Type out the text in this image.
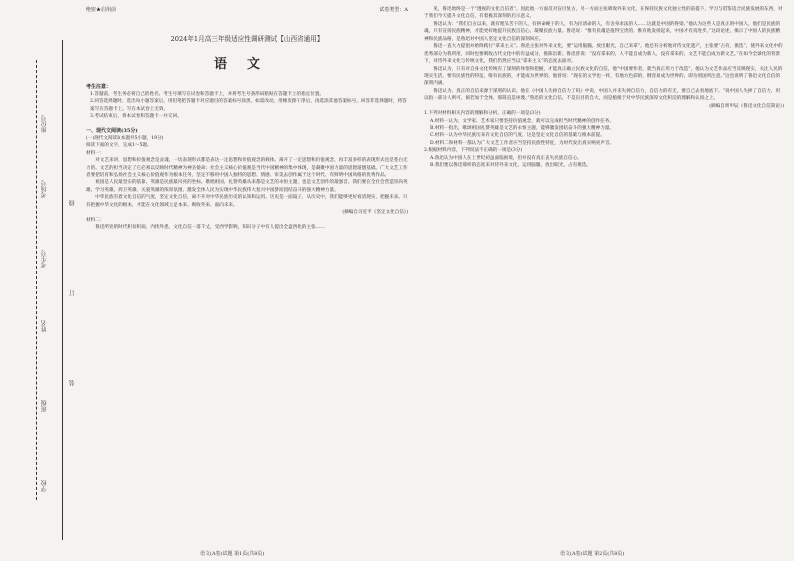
学校
班级
姓名
考生号
考场号
座位号
线
订
装
绝密★启用前	试卷类型：A
2024年1月高三年级适应性调研测试【山西省通用】
语文
考生注意：

1.答题前，考生务必将自己的姓名、考生号填写在试卷和答题卡上，并将考生号条形码粘贴在答题卡上的指定位置。

2.回答选择题时，选出每小题答案后，用铅笔把答题卡对应题目的答案标号涂黑。如需改动，用橡皮擦干净后，再选涂其他答案标号。回答非选择题时，将答案写在答题卡上。写在本试卷上无效。

3.考试结束后，将本试卷和答题卡一并交回。

一、现代文阅读(35分)

(一)现代文阅读Ⅰ(本题共5小题，19分)

阅读下面的文字，完成1～5题。

材料一：

对文艺来讲，思想和价值观念是灵魂，一切表现形式都是表达一定思想和价值观念的载体。离开了一定思想和价值观念，再丰富多样的表现形式也是苍白无力的。文艺的担当决定了它必须以反映时代精神为神圣使命；社会主义核心价值观是当代中国精神的集中体现，是凝聚中国力量的思想道德基础。广大文艺工作者要把培育和弘扬社会主义核心价值观作为根本任务，坚定不移用中国人独特的思想、情感、审美去创作属于这个时代、有鲜明中国风格的优秀作品。

祖国是人民最坚实的依靠，英雄是民族最闪亮的坐标。歌唱祖国、礼赞英雄从来都是文艺的永恒主题，也是文艺创作的最强音。我们要在全社会营造崇尚英雄、学习英雄、捍卫英雄、关爱英雄的浓厚氛围，激发全体人民为实现中华民族伟大复兴中国梦而团结奋斗的强大精神力量。

中华民族有着文化自信的气度，坚定文化自信，离不开对中华民族历史的认知和运用。历史是一面镜子，从历史中，我们能够更好看清现实、把握未来。只有把握中华文化的根本，才能在文化领域立足本来、吸收外来、面向未来。

(摘编自习近平《坚定文化自信》)

材料二：

鲁迅所处的时代积贫积弱，内忧外患，文化自信一落千丈，受西学影响，知识分子中有人提出全盘西化的主张……

语文(A卷)试题 第1页(共8页)

见，鲁迅始终是一个“透视的文化自信者”。因此他一方面反对盲目复古，另一方面主张吸收外来文化，在保持民族文化独立性的前提下，学习与借鉴适合民族发展的东西，对于我们今天提升文化自信，有着极其深刻的启示意义。

鲁迅认为：“我们自古以来，就有埋头苦干的人，有拼命硬干的人，有为民请命的人，有舍身求法的人……这就是中国的脊梁。”他认为这些人是真正的中国人，他们是民族的魂，只有宣扬民族精神，才能更好地提升民族自信心，凝聚民族力量。鲁迅说：“惟有民魂是值得宝贵的，惟有他发扬起来，中国才有真进步。”这段论述，揭示了中国人的民族精神和民族品格，是鲁迅对中国人坚定文化自信的深刻回应。

鲁迅一直大力提倡并始终践行“拿来主义”。鲁迅主张对外来文化，要“运用脑髓，放出眼光，自己来拿”。他还有分析地对待文化遗产，主张要“占有，挑选”，使外来文化中的优秀部分为我所用，同时也要吸收古代文化中的有益成分，推陈出新。鲁迅曾说：“没有拿来的，人不能自成为新人，没有拿来的，文艺不能自成为新文艺。”在如今全球化的背景下，对待外来文化与传统文化，我们仍然应当以“拿来主义”的态度去面对。

鲁迅认为，只有对自身文化传统有了深刻的体悟和把握，才能真正确立民族文化的自信，他“中国要作者，就当真正用力于改造”，他认为文艺作品应当反映现实，关注人民的现实生活，要有民族性的特征，唯有民族的，才能成为世界的。他曾说：“现在的文学也一样，有地方色彩的，倒容易成为世界的，即为别国所注意。”这也说明了鲁迅文化自信的深刻内涵。

鲁迅认为，真正的自信来源于深刻的认识。他在《中国人失掉自信力了吗》中说，中国人并未失掉自信力，自信力的有无，要自己去看地底下。“说中国人失掉了自信力，用以指一部分人则可，倘若加于全体，那简直是诬蔑。”鲁迅的文化自信，不是盲目的自大，而是植根于对中华民族深厚文化积淀的理解和认同之上。

(摘编自周甲辰《鲁迅文化自信简论》)

1.下列对材料相关内容的理解和分析，正确的一项是(3分)

A.材料一认为，文学家、艺术家只要坚持价值观念，就可以完成担当时代精神的创作任务。

B.材料一指出，歌颂祖国礼赞英雄是文艺的永恒主题，能够激发团结奋斗的强大精神力量。

C.材料一认为中华民族历来有文化自信的气度，这是坚定文化自信的基础与根本前提。

D.材料二和材料一都认为广大文艺工作者应当坚持民族性特征，为时代发出真实响亮声音。

2.根据材料内容，下列说法不正确的一项是(3分)

A.鲁迅认为中国人在上世纪初虽面临困境，但并没有真正丧失民族自信心。

B.我们要以鲁迅那样的态度来对待外来文化，运用脑髓，放出眼光，占有挑选。

语文(A卷)试题 第2页(共8页)
